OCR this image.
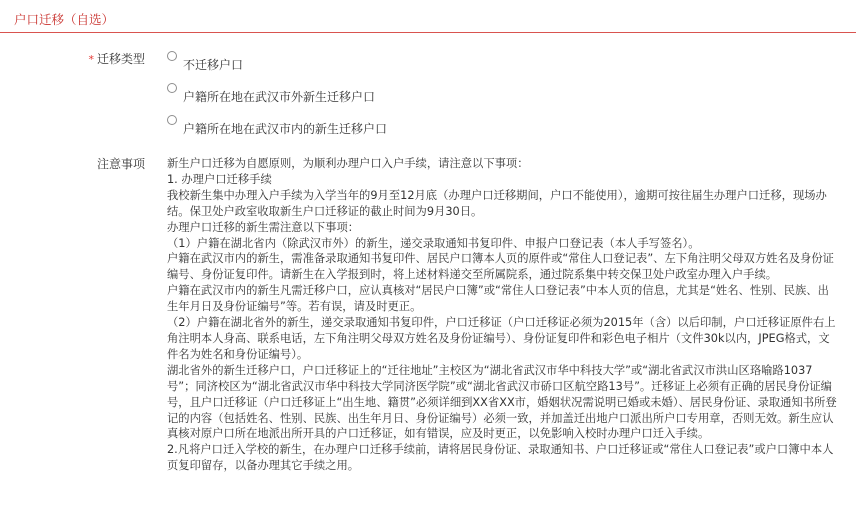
户口迁移（自选）
* 迁移类型	不迁移户口
户籍所在地在武汉市外新生迁移户口
户籍所在地在武汉市内的新生迁移户口
注意事项 新生户口迁移为自愿原则，为顺利办理户口入户手续，请注意以下事项：

1. 办理户口迁移手续

我校新生集中办理入户手续为入学当年的9月至12月底（办理户口迁移期间，户口不能使用），逾期可按往届生办理户口迁移，现场办结。保卫处户政室收取新生户口迁移证的截止时间为9月30日。

办理户口迁移的新生需注意以下事项：

（1）户籍在湖北省内（除武汉市外）的新生，递交录取通知书复印件、申报户口登记表（本人手写签名）。

户籍在武汉市内的新生，需准备录取通知书复印件、居民户口簿本人页的原件或“常住人口登记表”、左下角注明父母双方姓名及身份证编号、身份证复印件。请新生在入学报到时，将上述材料递交至所属院系，通过院系集中转交保卫处户政室办理入户手续。

户籍在武汉市内的新生凡需迁移户口，应认真核对“居民户口簿”或“常住人口登记表”中本人页的信息，尤其是“姓名、性别、民族、出生年月日及身份证编号”等。若有误，请及时更正。

（2）户籍在湖北省外的新生，递交录取通知书复印件，户口迁移证（户口迁移证必须为2015年（含）以后印制，户口迁移证原件右上角注明本人身高、联系电话，左下角注明父母双方姓名及身份证编号）、身份证复印件和彩色电子相片（文件30k以内，JPEG格式，文件名为姓名和身份证编号）。

湖北省外的新生迁移户口，户口迁移证上的“迁往地址”主校区为“湖北省武汉市华中科技大学”或“湖北省武汉市洪山区珞喻路1037号”；同济校区为“湖北省武汉市华中科技大学同济医学院”或“湖北省武汉市硚口区航空路13号”。迁移证上必须有正确的居民身份证编号，且户口迁移证（户口迁移证上“出生地、籍贯”必须详细到XX省XX市，婚姻状况需说明已婚或未婚）、居民身份证、录取通知书所登记的内容（包括姓名、性别、民族、出生年月日、身份证编号）必须一致，并加盖迁出地户口派出所户口专用章，否则无效。新生应认真核对原户口所在地派出所开具的户口迁移证，如有错误，应及时更正，以免影响入校时办理户口迁入手续。

2.凡将户口迁入学校的新生，在办理户口迁移手续前，请将居民身份证、录取通知书、户口迁移证或“常住人口登记表”或户口簿中本人页复印留存，以备办理其它手续之用。
